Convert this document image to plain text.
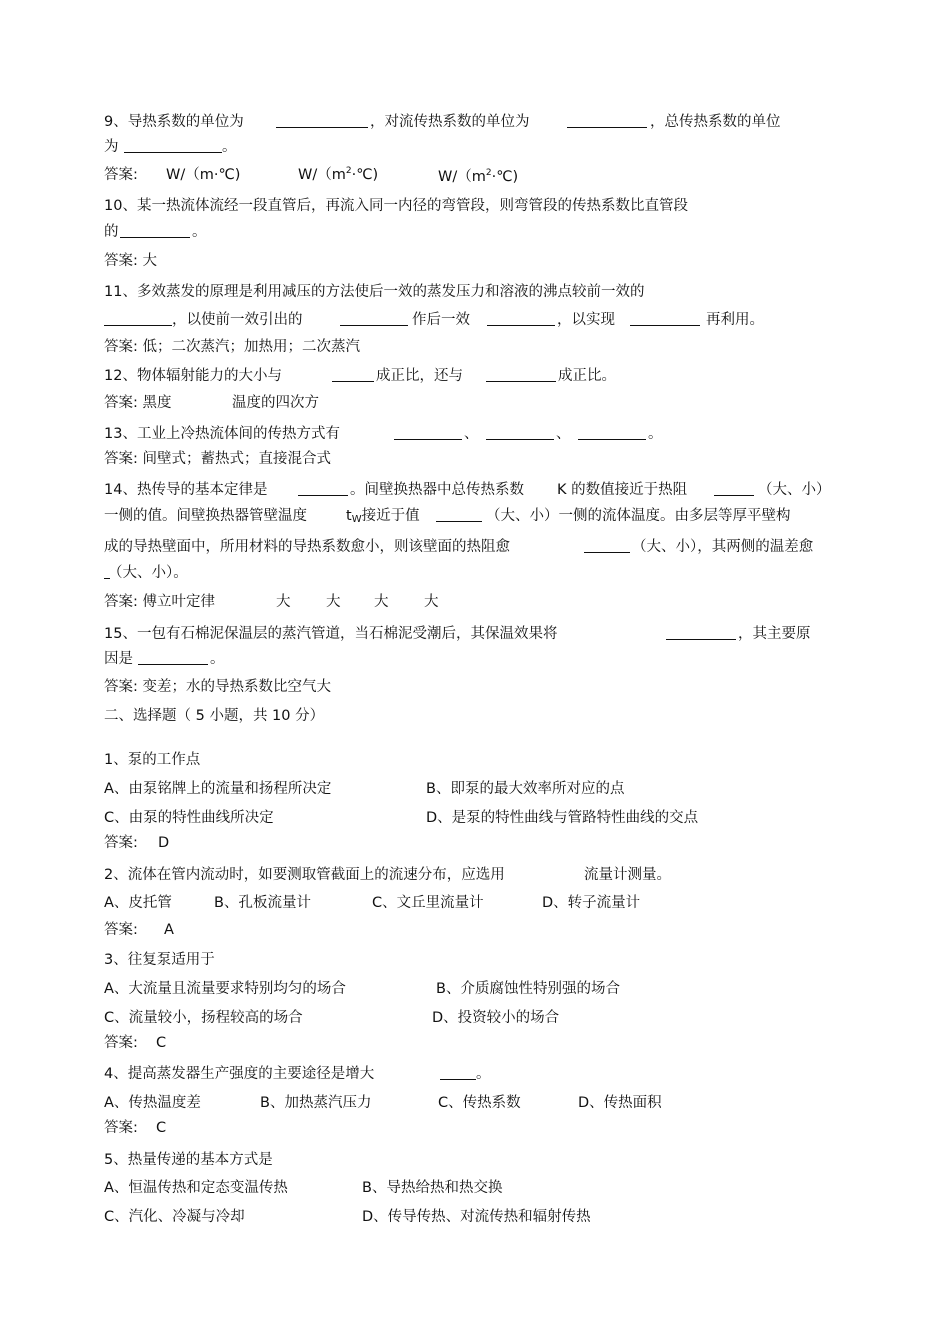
9、导热系数的单位为	，对流传热系数的单位为	，总传热系数的单位
为	。
答案: W/（m·℃)	$W/(m^2\cdot℃)$	$W/(m^2\cdot℃)$
10、某一热流体流经一段直管后，再流入同一内径的弯管段，则弯管段的传热系数比直管段
的	。
答案: 大
11、多效蒸发的原理是利用减压的方法使后一效的蒸发压力和溶液的沸点较前一效的
，以使前一效引出的	作后一效	，以实现	再利用。
答案: 低；二次蒸汽；加热用；二次蒸汽
12、物体辐射能力的大小与	成正比，还与	成正比。
答案: 黑度	温度的四次方
13、工业上冷热流体间的传热方式有	、	、	。
答案: 间壁式；蓄热式；直接混合式
14、热传导的基本定律是	。间壁换热器中总传热系数 K 的数值接近于热阻	（大、小）
一侧的值。间壁换热器管壁温度	$t_W$接近于值	（大、小）一侧的流体温度。由多层等厚平壁构
成的导热壁面中，所用材料的导热系数愈小，则该壁面的热阻愈	（大、小），其两侧的温差愈
（大、小）。
答案: 傅立叶定律	大 大 大 大
15、一包有石棉泥保温层的蒸汽管道，当石棉泥受潮后，其保温效果将	，其主要原
因是	。
答案: 变差；水的导热系数比空气大
二、选择题（ 5 小题，共 10 分）
1、泵的工作点
A、由泵铭牌上的流量和扬程所决定	B、即泵的最大效率所对应的点
C、由泵的特性曲线所决定	D、是泵的特性曲线与管路特性曲线的交点
答案: D
2、流体在管内流动时，如要测取管截面上的流速分布，应选用	流量计测量。
A、皮托管	B、孔板流量计	C、文丘里流量计	D、转子流量计
答案: A
3、往复泵适用于
A、大流量且流量要求特别均匀的场合	B、介质腐蚀性特别强的场合
C、流量较小，扬程较高的场合	D、投资较小的场合
答案: C
4、提高蒸发器生产强度的主要途径是增大	。
A、传热温度差	B、加热蒸汽压力	C、传热系数	D、传热面积
答案: C
5、热量传递的基本方式是
A、恒温传热和定态变温传热	B、导热给热和热交换
C、汽化、冷凝与冷却	D、传导传热、对流传热和辐射传热
